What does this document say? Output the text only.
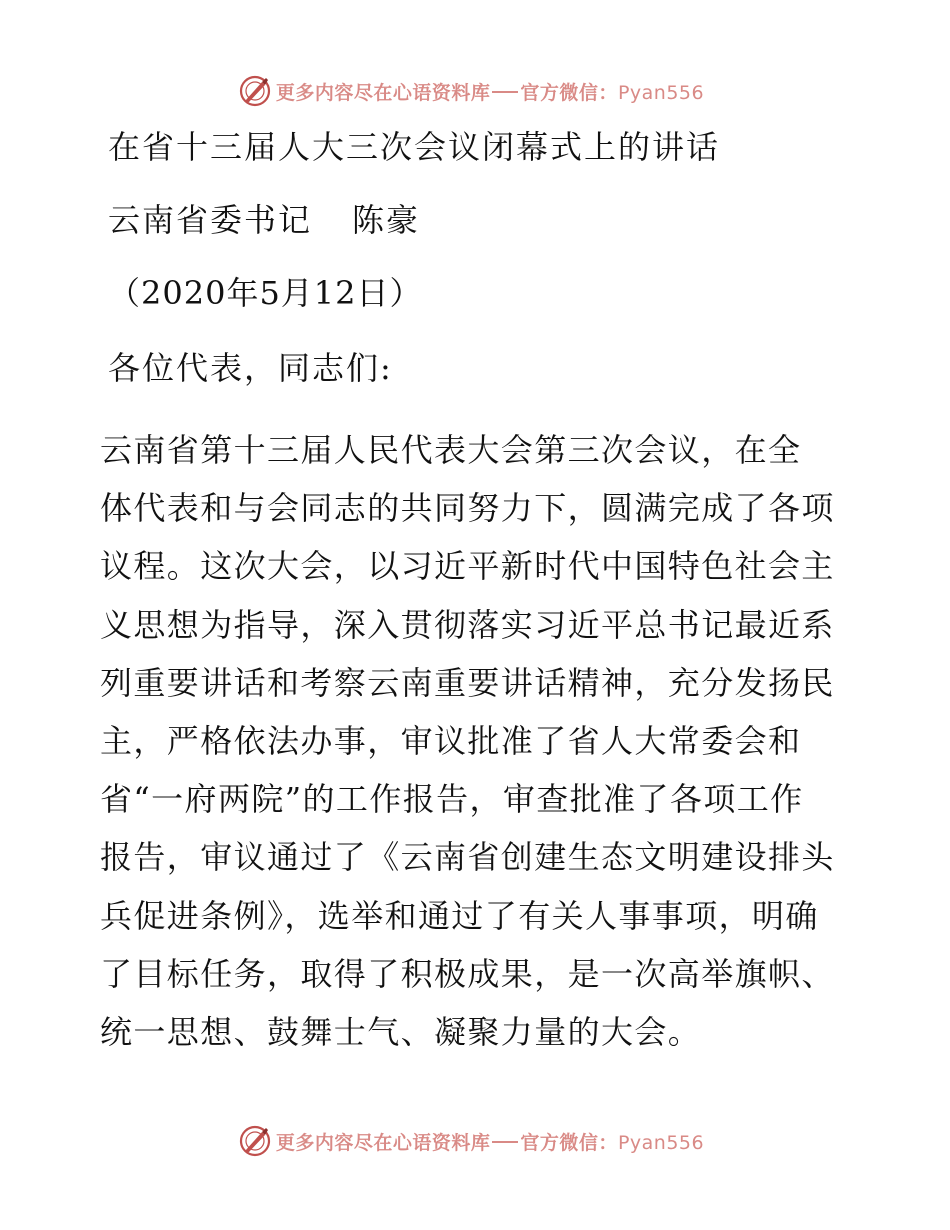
更多内容尽在心语资料库 官方微信：Pyan556
在省十三届人大三次会议闭幕式上的讲话
云南省委书记 陈豪
（2020年5月12日）
各位代表，同志们:
云南省第十三届人民代表大会第三次会议，在全
体代表和与会同志的共同努力下，圆满完成了各项
议程。这次大会，以习近平新时代中国特色社会主
义思想为指导，深入贯彻落实习近平总书记最近系
列重要讲话和考察云南重要讲话精神，充分发扬民
主，严格依法办事，审议批准了省人大常委会和
省“一府两院”的工作报告，审查批准了各项工作
报告，审议通过了《云南省创建生态文明建设排头
兵促进条例》，选举和通过了有关人事事项，明确
了目标任务，取得了积极成果，是一次高举旗帜、
统一思想、鼓舞士气、凝聚力量的大会。
更多内容尽在心语资料库 官方微信：Pyan556
